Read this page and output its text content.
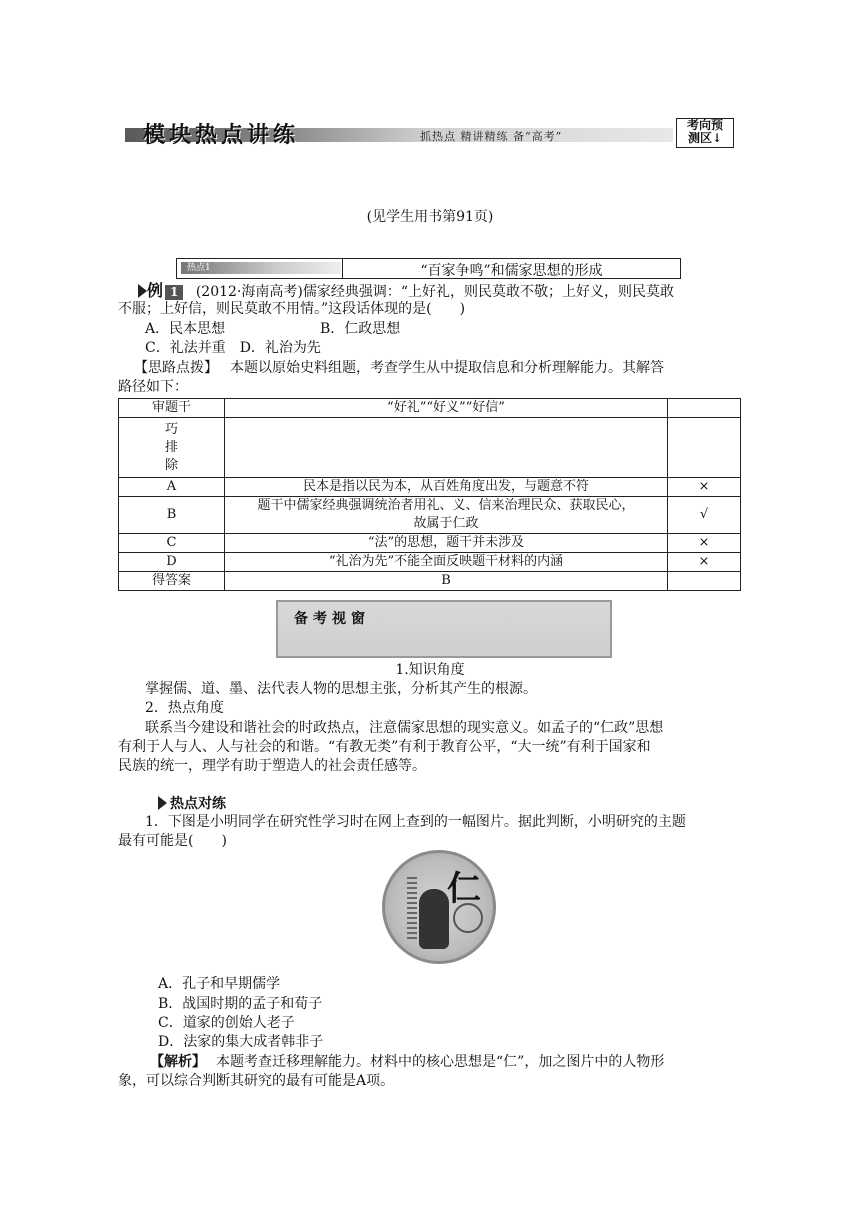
模块热点讲练	抓热点 精讲精练 备“高考”
考向预
测区↓
(见学生用书第91页)
热点1	“百家争鸣”和儒家思想的形成
例 1 (2012·海南高考)儒家经典强调：“上好礼，则民莫敢不敬；上好义，则民莫敢
不服；上好信，则民莫敢不用情。”这段话体现的是(　　)
A．民本思想	B．仁政思想
C．礼法并重　D．礼治为先
【思路点拨】 本题以原始史料组题，考查学生从中提取信息和分析理解能力。其解答
路径如下：
审题干	“好礼”“好义”“好信”	

巧
排
除		

A	民本是指以民为本，从百姓角度出发，与题意不符	×
B	题干中儒家经典强调统治者用礼、义、信来治理民众、获取民心，
故属于仁政	√
C	“法”的思想，题干并未涉及	×
D	“礼治为先”不能全面反映题干材料的内涵	×
得答案	B	
备考视窗
1.知识角度
掌握儒、道、墨、法代表人物的思想主张，分析其产生的根源。
2．热点角度
联系当今建设和谐社会的时政热点，注意儒家思想的现实意义。如孟子的“仁政”思想
有利于人与人、人与社会的和谐。“有教无类”有利于教育公平，“大一统”有利于国家和
民族的统一，理学有助于塑造人的社会责任感等。
热点对练
1．下图是小明同学在研究性学习时在网上查到的一幅图片。据此判断，小明研究的主题
最有可能是(　　)
仁
A．孔子和早期儒学
B．战国时期的孟子和荀子
C．道家的创始人老子
D．法家的集大成者韩非子
【解析】 本题考查迁移理解能力。材料中的核心思想是“仁”，加之图片中的人物形
象，可以综合判断其研究的最有可能是A项。
